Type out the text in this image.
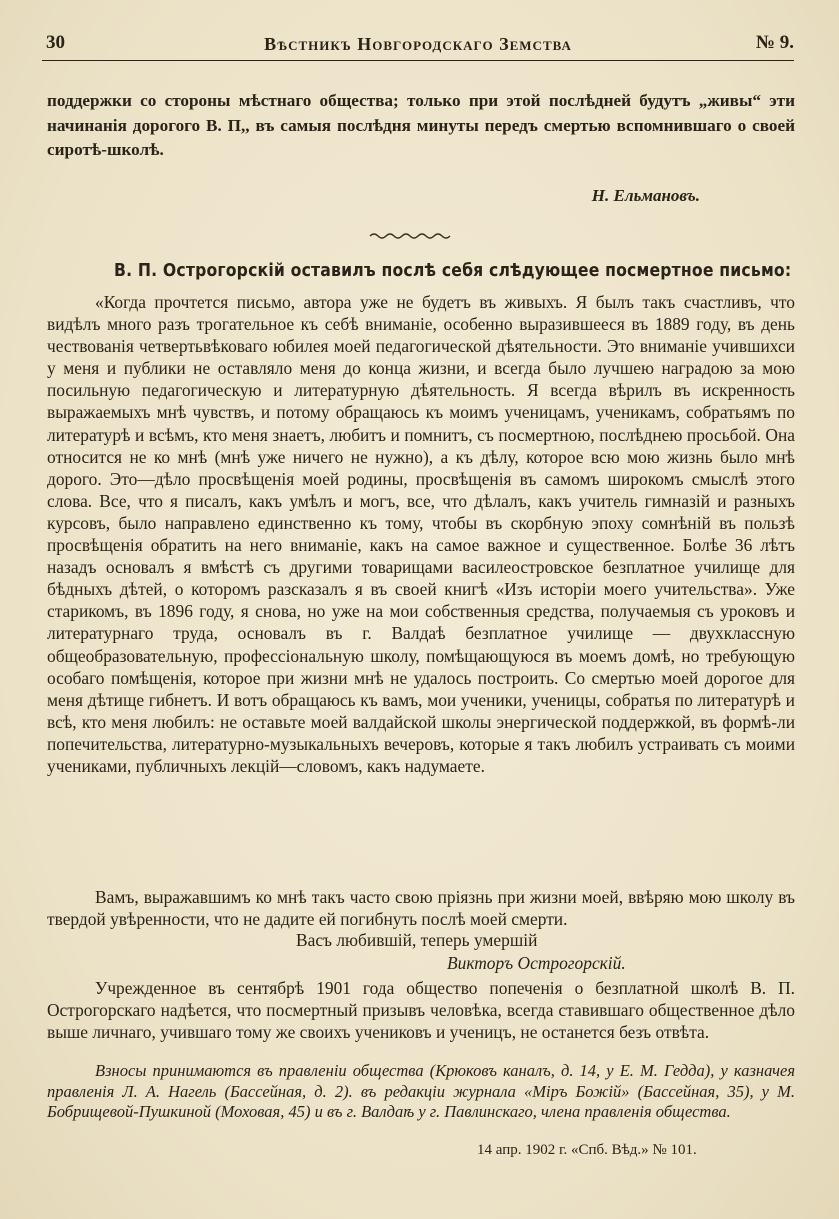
30	Вѣстникъ Новгородскаго Земства	№ 9.
поддержки со стороны мѣстнаго общества; только при этой послѣдней будутъ „живы“ эти начинанія дорогого В. П,, въ самыя послѣдня минуты передъ смертью вспомнившаго о своей сиротѣ-школѣ.
Н. Ельмановъ.
В. П. Острогорскій оставилъ послѣ себя слѣдующее посмертное письмо:
«Когда прочтется письмо, автора уже не будетъ въ живыхъ. Я былъ такъ счастливъ, что видѣлъ много разъ трогательное къ себѣ вниманіе, особенно выразившееся въ 1889 году, въ день чествованія четвертьвѣковаго юбилея моей педагогической дѣятельности. Это вниманіе учившихси у меня и публики не оставляло меня до конца жизни, и всегда было лучшею наградою за мою посильную педагогическую и литературную дѣятельность. Я всегда вѣрилъ въ искренность выражаемыхъ мнѣ чувствъ, и потому обращаюсь къ моимъ ученицамъ, ученикамъ, собратьямъ по литературѣ и всѣмъ, кто меня знаетъ, любитъ и помнитъ, съ посмертною, послѣднею просьбой. Она относится не ко мнѣ (мнѣ уже ничего не нужно), а къ дѣлу, которое всю мою жизнь было мнѣ дорого. Это—дѣло просвѣщенія моей родины, просвѣщенія въ самомъ широкомъ смыслѣ этого слова. Все, что я писалъ, какъ умѣлъ и могъ, все, что дѣлалъ, какъ учитель гимназій и разныхъ курсовъ, было направлено единственно къ тому, чтобы въ скорбную эпоху сомнѣній въ пользѣ просвѣщенія обратить на него вниманіе, какъ на самое важное и существенное. Болѣе 36 лѣтъ назадъ основалъ я вмѣстѣ съ другими товарищами василеостровское безплатное училище для бѣдныхъ дѣтей, о которомъ разсказалъ я въ своей книгѣ «Изъ исторіи моего учительства». Уже старикомъ, въ 1896 году, я снова, но уже на мои собственныя средства, получаемыя съ уроковъ и литературнаго труда, основалъ въ г. Валдаѣ безплатное училище — двухклассную общеобразовательную, профессіональную школу, помѣщающуюся въ моемъ домѣ, но требующую особаго помѣщенія, которое при жизни мнѣ не удалось построить. Со смертью моей дорогое для меня дѣтище гибнетъ. И вотъ обращаюсь къ вамъ, мои ученики, ученицы, собратья по литературѣ и всѣ, кто меня любилъ: не оставьте моей валдайской школы энергической поддержкой, въ формѣ-ли попечительства, литературно-музыкальныхъ вечеровъ, которые я такъ любилъ устраивать съ моими учениками, публичныхъ лекцій—словомъ, какъ надумаете.
Вамъ, выражавшимъ ко мнѣ такъ часто свою пріязнь при жизни моей, ввѣряю мою школу въ твердой увѣренности, что не дадите ей погибнуть послѣ моей смерти.
Васъ любившій, теперь умершій
Викторъ Острогорскій.
Учрежденное въ сентябрѣ 1901 года общество попеченія о безплатной школѣ В. П. Острогорскаго надѣется, что посмертный призывъ человѣка, всегда ставившаго общественное дѣло выше личнаго, учившаго тому же своихъ учениковъ и ученицъ, не останется безъ отвѣта.
Взносы принимаются въ правленіи общества (Крюковъ каналъ, д. 14, у Е. М. Гедда), у казначея правленія Л. А. Нагель (Бассейная, д. 2). въ редакціи журнала «Міръ Божій» (Бассейная, 35), у М. Бобрищевой-Пушкиной (Моховая, 45) и въ г. Валдаѣ у г. Павлинскаго, члена правленія общества.
14 апр. 1902 г. «Спб. Вѣд.» № 101.
